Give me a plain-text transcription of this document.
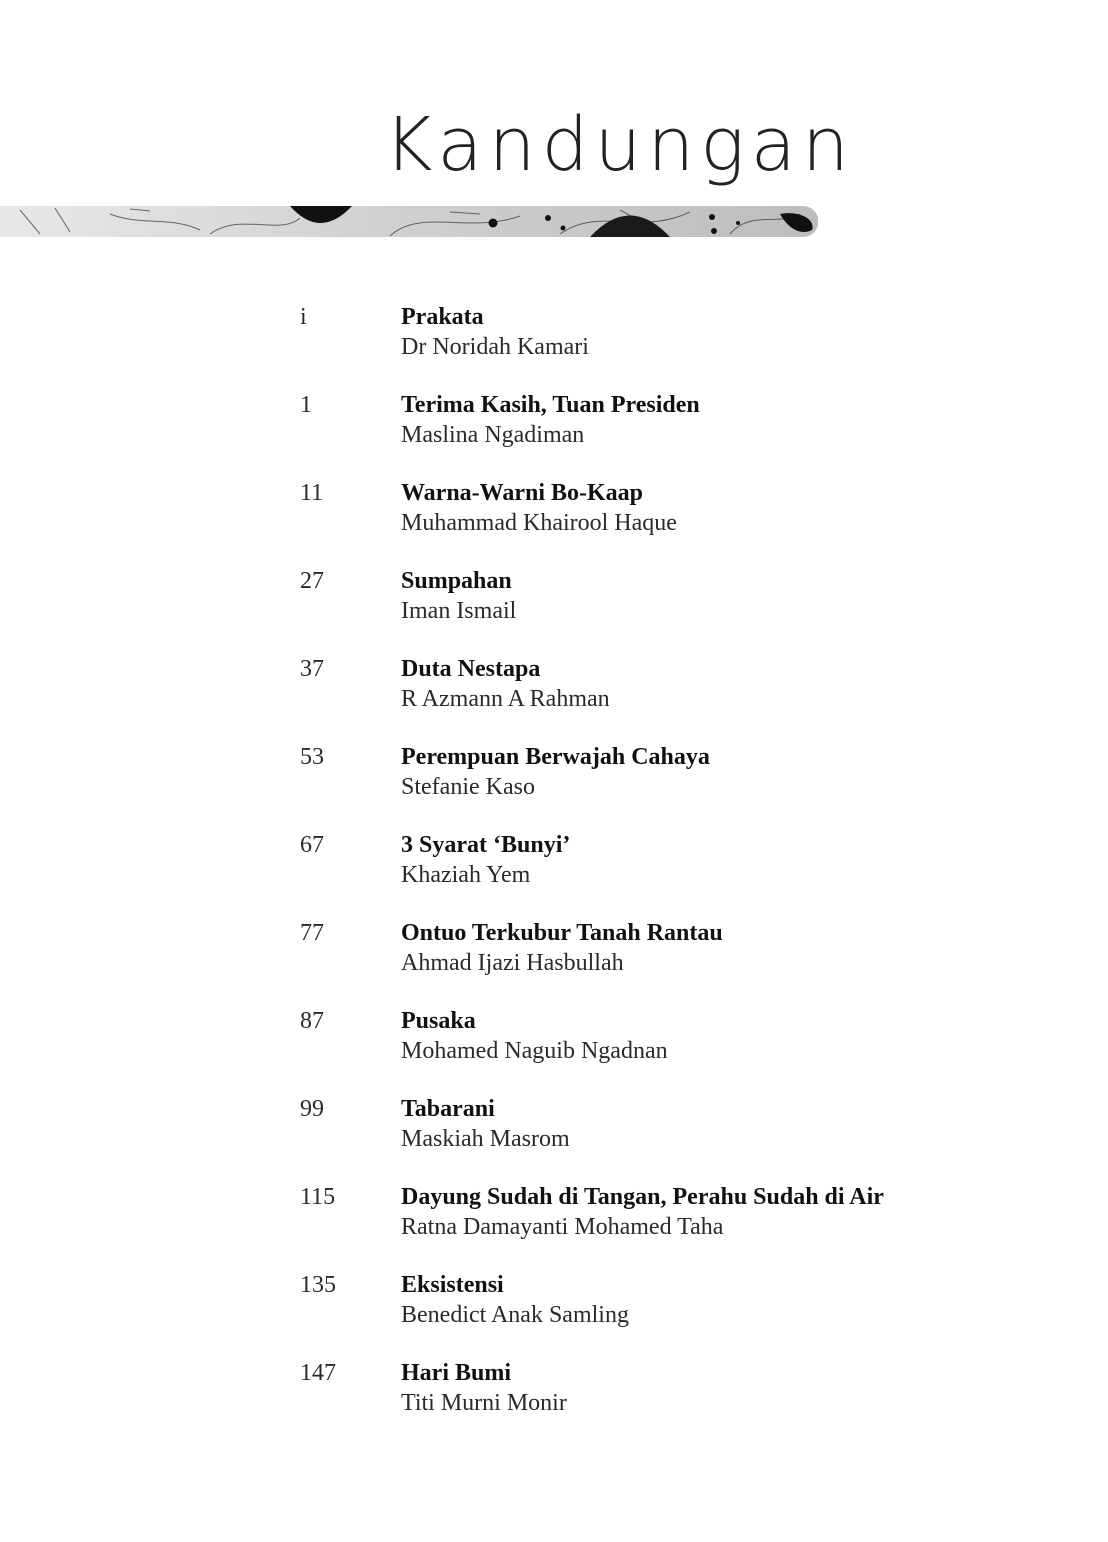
Kandungan
i	Prakata
Dr Noridah Kamari
1	Terima Kasih, Tuan Presiden
Maslina Ngadiman
11	Warna-Warni Bo-Kaap
Muhammad Khairool Haque
27	Sumpahan
Iman Ismail
37	Duta Nestapa
R Azmann A Rahman
53	Perempuan Berwajah Cahaya
Stefanie Kaso
67	3 Syarat ‘Bunyi’
Khaziah Yem
77	Ontuo Terkubur Tanah Rantau
Ahmad Ijazi Hasbullah
87	Pusaka
Mohamed Naguib Ngadnan
99	Tabarani
Maskiah Masrom
115	Dayung Sudah di Tangan, Perahu Sudah di Air
Ratna Damayanti Mohamed Taha
135	Eksistensi
Benedict Anak Samling
147	Hari Bumi
Titi Murni Monir
